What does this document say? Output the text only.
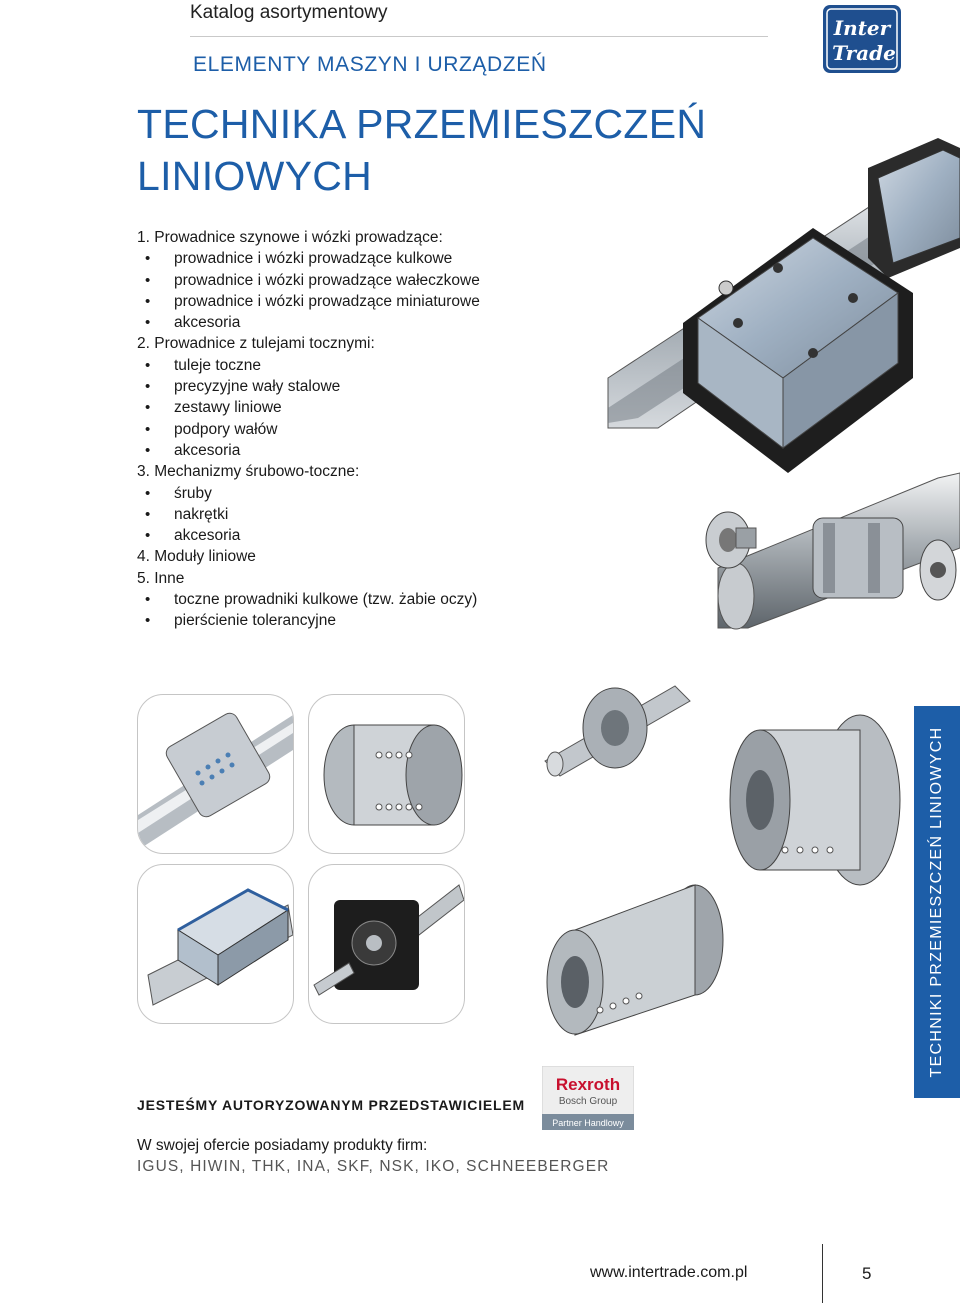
Katalog asortymentowy
ELEMENTY MASZYN I URZĄDZEŃ
TECHNIKA PRZEMIESZCZEŃ
LINIOWYCH
Inter
Trade
1. Prowadnice szynowe i wózki prowadzące:
• prowadnice i wózki prowadzące kulkowe
• prowadnice i wózki prowadzące wałeczkowe
• prowadnice i wózki prowadzące miniaturowe
• akcesoria
2. Prowadnice z tulejami tocznymi:
• tuleje toczne
• precyzyjne wały stalowe
• zestawy liniowe
• podpory wałów
• akcesoria
3. Mechanizmy śrubowo-toczne:
• śruby
• nakrętki
• akcesoria
4. Moduły liniowe
5. Inne
• toczne prowadniki kulkowe (tzw. żabie oczy)
• pierścienie tolerancyjne
TECHNIKI PRZEMIESZCZEŃ LINIOWYCH
JESTEŚMY AUTORYZOWANYM PRZEDSTAWICIELEM
Rexroth
Bosch Group
Partner Handlowy
W swojej ofercie posiadamy produkty firm:
IGUS, HIWIN, THK, INA, SKF, NSK, IKO, SCHNEEBERGER
www.intertrade.com.pl	5
